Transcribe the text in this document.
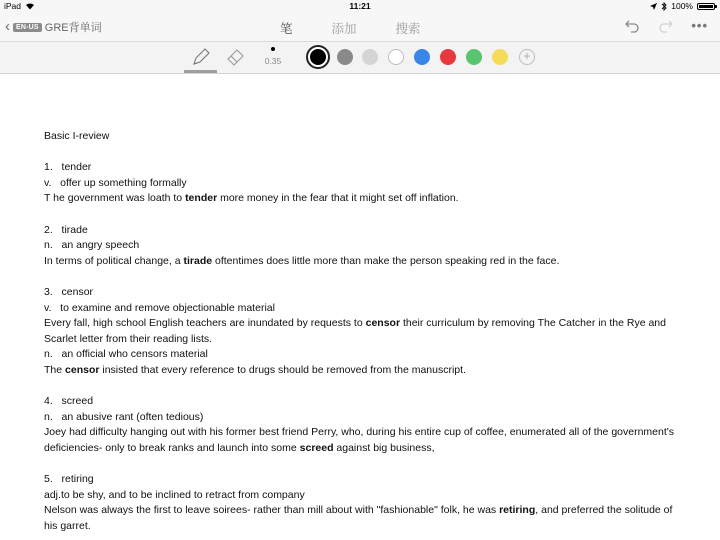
iPad	11:21	100%
‹ EN-US GRE背单词	笔	添加	搜索	•••
0.35	+

Basic I-review

1. tender

v. offer up something formally

T he government was loath to tender more money in the fear that it might set off inflation.

2. tirade

n. an angry speech

In terms of political change, a tirade oftentimes does little more than make the person speaking red in the face.

3. censor

v. to examine and remove objectionable material

Every fall, high school English teachers are inundated by requests to censor their curriculum by removing The Catcher in the Rye and Scarlet letter from their reading lists.

n. an official who censors material

The censor insisted that every reference to drugs should be removed from the manuscript.

4. screed

n. an abusive rant (often tedious)

Joey had difficulty hanging out with his former best friend Perry, who, during his entire cup of coffee, enumerated all of the government's deficiencies- only to break ranks and launch into some screed against big business,

5. retiring

adj.to be shy, and to be inclined to retract from company

Nelson was always the first to leave soirees- rather than mill about with "fashionable" folk, he was retiring, and preferred the solitude of his garret.
